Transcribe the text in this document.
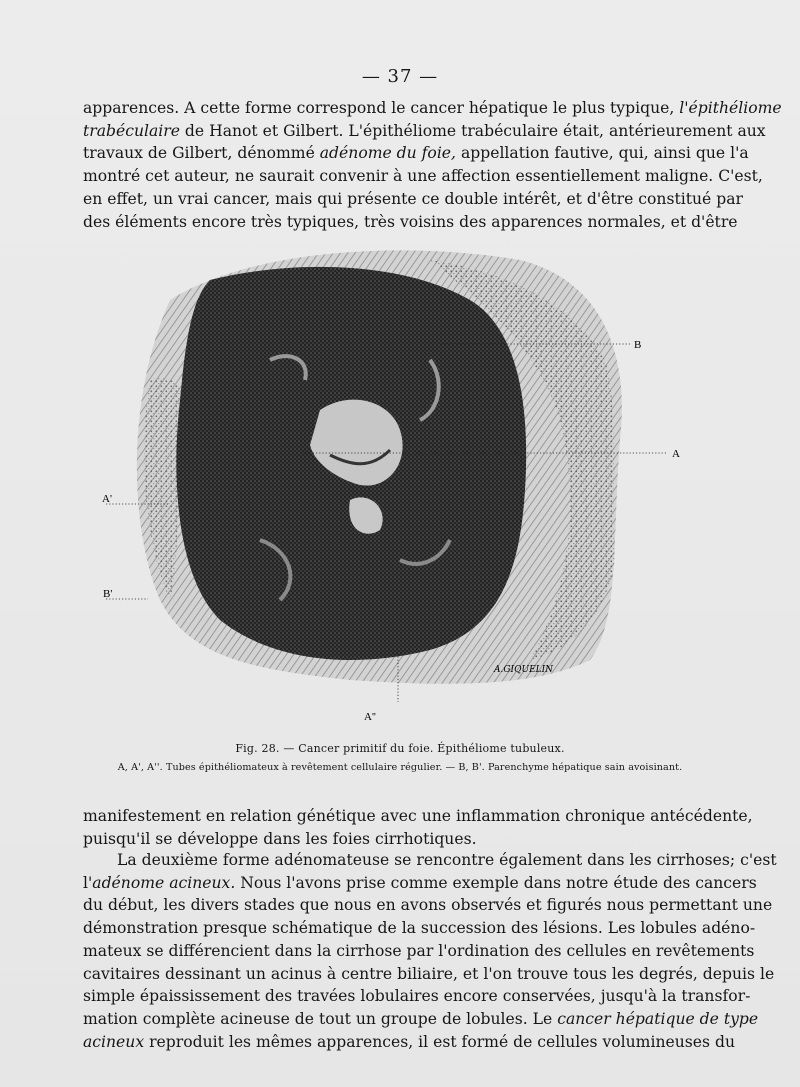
— 37 —
apparences. A cette forme correspond le cancer hépatique le plus typique, l'épithéliome
trabéculaire de Hanot et Gilbert. L'épithéliome trabéculaire était, antérieurement aux
travaux de Gilbert, dénommé adénome du foie, appellation fautive, qui, ainsi que l'a
montré cet auteur, ne saurait convenir à une affection essentiellement maligne. C'est,
en effet, un vrai cancer, mais qui présente ce double intérêt, et d'être constitué par
des éléments encore très typiques, très voisins des apparences normales, et d'être
B
A
A'
B'
A''
A.GIQUELIN
Fig. 28. — Cancer primitif du foie. Épithéliome tubuleux.
A, A', A''. Tubes épithéliomateux à revêtement cellulaire régulier. — B, B'. Parenchyme hépatique sain avoisinant.
manifestement en relation génétique avec une inflammation chronique antécédente,
puisqu'il se développe dans les foies cirrhotiques.
La deuxième forme adénomateuse se rencontre également dans les cirrhoses; c'est
l'adénome acineux. Nous l'avons prise comme exemple dans notre étude des cancers
du début, les divers stades que nous en avons observés et figurés nous permettant une
démonstration presque schématique de la succession des lésions. Les lobules adéno-
mateux se différencient dans la cirrhose par l'ordination des cellules en revêtements
cavitaires dessinant un acinus à centre biliaire, et l'on trouve tous les degrés, depuis le
simple épaississement des travées lobulaires encore conservées, jusqu'à la transfor-
mation complète acineuse de tout un groupe de lobules. Le cancer hépatique de type
acineux reproduit les mêmes apparences, il est formé de cellules volumineuses du
